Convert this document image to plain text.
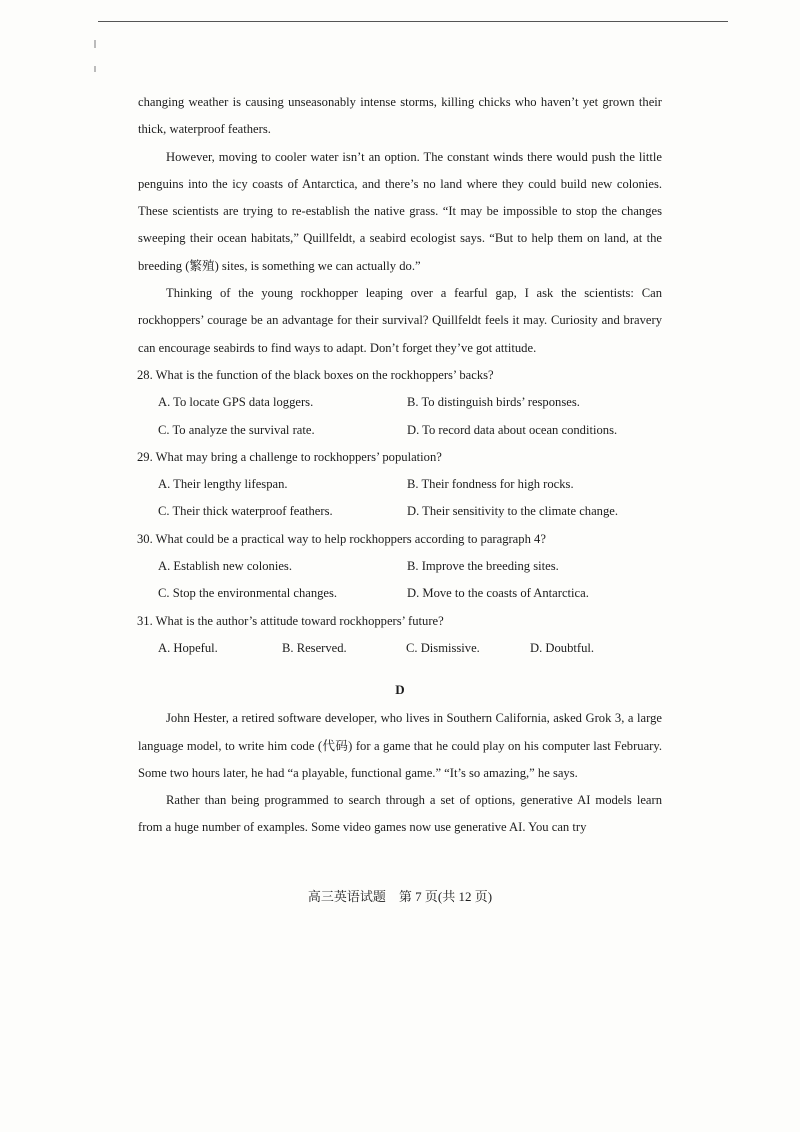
changing weather is causing unseasonably intense storms, killing chicks who haven’t yet grown their thick, waterproof feathers.

However, moving to cooler water isn’t an option. The constant winds there would push the little penguins into the icy coasts of Antarctica, and there’s no land where they could build new colonies. These scientists are trying to re-establish the native grass. “It may be impossible to stop the changes sweeping their ocean habitats,” Quillfeldt, a seabird ecologist says. “But to help them on land, at the breeding (繁殖) sites, is something we can actually do.”

Thinking of the young rockhopper leaping over a fearful gap, I ask the scientists: Can rockhoppers’ courage be an advantage for their survival? Quillfeldt feels it may. Curiosity and bravery can encourage seabirds to find ways to adapt. Don’t forget they’ve got attitude.

28. What is the function of the black boxes on the rockhoppers’ backs?

A. To locate GPS data loggers.	B. To distinguish birds’ responses.
C. To analyze the survival rate.	D. To record data about ocean conditions.

29. What may bring a challenge to rockhoppers’ population?

A. Their lengthy lifespan.	B. Their fondness for high rocks.
C. Their thick waterproof feathers.	D. Their sensitivity to the climate change.

30. What could be a practical way to help rockhoppers according to paragraph 4?

A. Establish new colonies.	B. Improve the breeding sites.
C. Stop the environmental changes.	D. Move to the coasts of Antarctica.

31. What is the author’s attitude toward rockhoppers’ future?

A. Hopeful.	B. Reserved.	C. Dismissive.	D. Doubtful.
D

John Hester, a retired software developer, who lives in Southern California, asked Grok 3, a large language model, to write him code (代码) for a game that he could play on his computer last February. Some two hours later, he had “a playable, functional game.” “It’s so amazing,” he says.

Rather than being programmed to search through a set of options, generative AI models learn from a huge number of examples. Some video games now use generative AI. You can try

高三英语试题　第 7 页(共 12 页)
